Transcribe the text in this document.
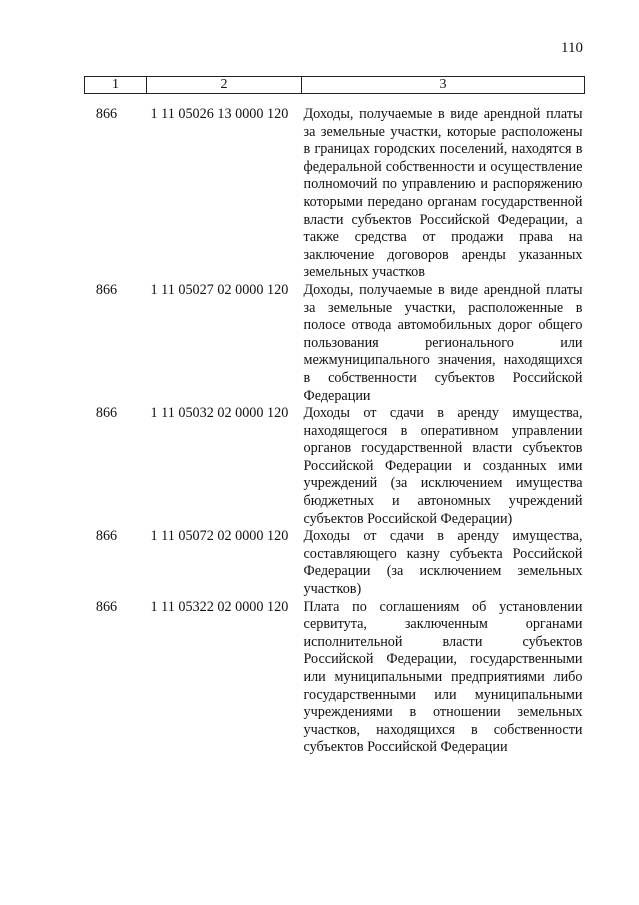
110
1	2	3
866	1 11 05026 13 0000 120	Доходы, получаемые в виде арендной платы за земельные участки, которые расположены в границах городских поселений, находятся в федеральной собственности и осуществление полномочий по управлению и распоряжению которыми передано органам государственной власти субъектов Российской Федерации, а также средства от продажи права на заключение договоров аренды указанных земельных участков
866	1 11 05027 02 0000 120	Доходы, получаемые в виде арендной платы за земельные участки, расположенные в полосе отвода автомобильных дорог общего пользования регионального или межмуниципального значения, находящихся в собственности субъектов Российской Федерации
866	1 11 05032 02 0000 120	Доходы от сдачи в аренду имущества, находящегося в оперативном управлении органов государственной власти субъектов Российской Федерации и созданных ими учреждений (за исключением имущества бюджетных и автономных учреждений субъектов Российской Федерации)
866	1 11 05072 02 0000 120	Доходы от сдачи в аренду имущества, составляющего казну субъекта Российской Федерации (за исключением земельных участков)
866	1 11 05322 02 0000 120	Плата по соглашениям об установлении сервитута, заключенным органами исполнительной власти субъектов Российской Федерации, государственными или муниципальными предприятиями либо государственными или муниципальными учреждениями в отношении земельных участков, находящихся в собственности субъектов Российской Федерации
